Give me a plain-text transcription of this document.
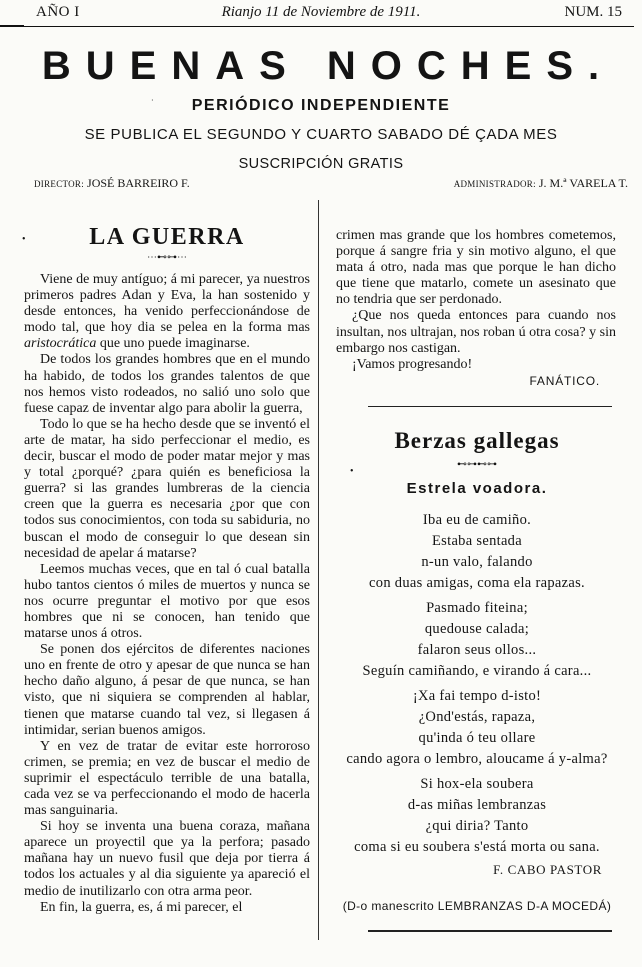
AÑO I	Rianjo 11 de Noviembre de 1911.	NUM. 15
BUENAS NOCHES.
·	PERIÓDICO INDEPENDIENTE
SE PUBLICA EL SEGUNDO Y CUARTO SABADO DÉ ÇADA MES
SUSCRIPCIÓN GRATIS
DIRECTOR: JOSÉ BARREIRO F.	ADMINISTRADOR: J. M.ª VARELA T.
•	LA GUERRA
⋯⊷⊶⋯

Viene de muy antíguo; á mi parecer, ya nuestros primeros padres Adan y Eva, la han sostenido y desde entonces, ha venido perfeccionándose de modo tal, que hoy dia se pelea en la forma mas aristocrática que uno puede imaginarse.

De todos los grandes hombres que en el mundo ha habido, de todos los grandes talentos de que nos hemos visto rodeados, no salió uno solo que fuese capaz de inventar algo para abolir la guerra,

Todo lo que se ha hecho desde que se inventó el arte de matar, ha sido perfeccionar el medio, es decir, buscar el modo de poder matar mejor y mas y total ¿porqué? ¿para quién es beneficiosa la guerra? si las grandes lumbreras de la ciencia creen que la guerra es necesaria ¿por que con todos sus conocimientos, con toda su sabiduria, no buscan el modo de conseguir lo que desean sin necesidad de apelar á matarse?

Leemos muchas veces, que en tal ó cual batalla hubo tantos cientos ó miles de muertos y nunca se nos ocurre preguntar el motivo por que esos hombres que ni se conocen, han tenido que matarse unos á otros.

Se ponen dos ejércitos de diferentes naciones uno en frente de otro y apesar de que nunca se han hecho daño alguno, á pesar de que nunca, se han visto, que ni siquiera se comprenden al hablar, tienen que matarse cuando tal vez, si llegasen á intimidar, serian buenos amigos.

Y en vez de tratar de evitar este horroroso crimen, se premia; en vez de buscar el medio de suprimir el espectáculo terrible de una batalla, cada vez se va perfeccionando el modo de hacerla mas sanguinaria.

Si hoy se inventa una buena coraza, mañana aparece un proyectil que ya la perfora; pasado mañana hay un nuevo fusil que deja por tierra á todos los actuales y al dia siguiente ya apareció el medio de inutilizarlo con otra arma peor.

En fin, la guerra, es, á mi parecer, el

crimen mas grande que los hombres cometemos, porque á sangre fria y sin motivo alguno, el que mata á otro, nada mas que porque le han dicho que tiene que matarlo, comete un asesinato que no tendria que ser perdonado.

¿Que nos queda entonces para cuando nos insultan, nos ultrajan, nos roban ú otra cosa? y sin embargo nos castigan.

¡Vamos progresando!

FANÁTICO.
•
Berzas gallegas
⊷⊶⊷⊶
Estrela voadora.
Iba eu de camiño.
Estaba sentada
n-un valo, falando
con duas amigas, coma ela rapazas.
Pasmado fiteina;
quedouse calada;
falaron seus ollos...
Seguín camiñando, e virando á cara...
¡Xa fai tempo d-isto!
¿Ond'estás, rapaza,
qu'inda ó teu ollare
cando agora o lembro, aloucame á y-alma?
Si hox-ela soubera
d-as miñas lembranzas
¿qui diria? Tanto
coma si eu soubera s'está morta ou sana.
F. CABO PASTOR
(D-o manescrito LEMBRANZAS D-A MOCEDÁ)
